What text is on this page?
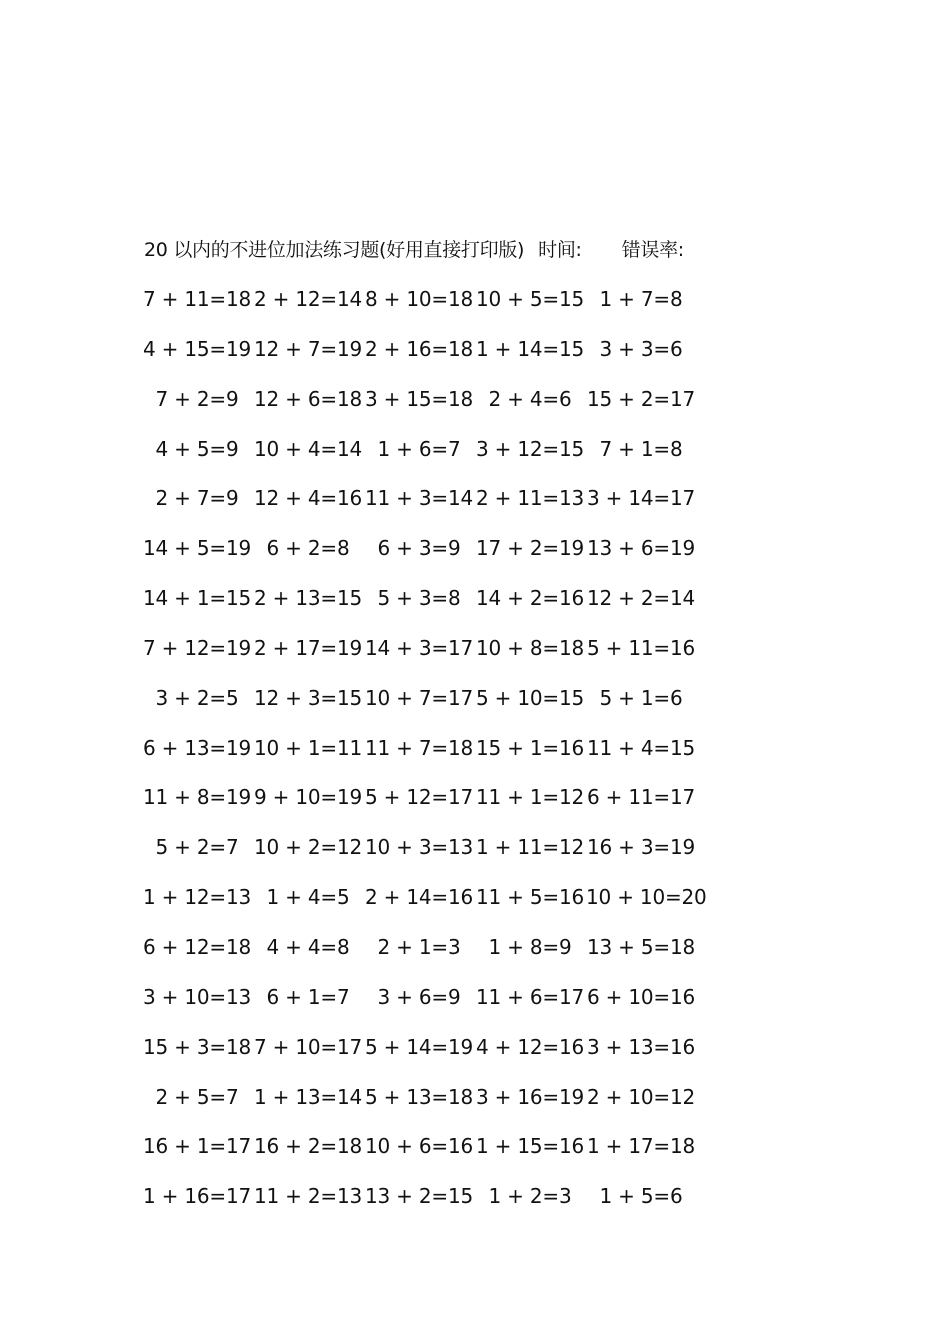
20 以内的不进位加法练习题(好用直接打印版) 时间: 错误率:
7 + 11=18 2 + 12=14 8 + 10=18 10 + 5=15 1 + 7=8
4 + 15=19 12 + 7=19 2 + 16=18 1 + 14=15 3 + 3=6
7 + 2=9 12 + 6=18 3 + 15=18 2 + 4=6 15 + 2=17
4 + 5=9 10 + 4=14 1 + 6=7 3 + 12=15 7 + 1=8
2 + 7=9 12 + 4=16 11 + 3=14 2 + 11=13 3 + 14=17
14 + 5=19 6 + 2=8	6 + 3=9 17 + 2=19 13 + 6=19
14 + 1=15 2 + 13=15 5 + 3=8 14 + 2=16 12 + 2=14
7 + 12=19 2 + 17=19 14 + 3=17 10 + 8=18 5 + 11=16
3 + 2=5 12 + 3=15 10 + 7=17 5 + 10=15 5 + 1=6
6 + 13=19 10 + 1=11 11 + 7=18 15 + 1=16 11 + 4=15
11 + 8=19 9 + 10=19 5 + 12=17 11 + 1=12 6 + 11=17
5 + 2=7 10 + 2=12 10 + 3=13 1 + 11=12 16 + 3=19
1 + 12=13 1 + 4=5 2 + 14=16 11 + 5=16 10 + 10=20
6 + 12=18 4 + 4=8	2 + 1=3	1 + 8=9 13 + 5=18
3 + 10=13 6 + 1=7	3 + 6=9 11 + 6=17 6 + 10=16
15 + 3=18 7 + 10=17 5 + 14=19 4 + 12=16 3 + 13=16
2 + 5=7 1 + 13=14 5 + 13=18 3 + 16=19 2 + 10=12
16 + 1=17 16 + 2=18 10 + 6=16 1 + 15=16 1 + 17=18
1 + 16=17 11 + 2=13 13 + 2=15 1 + 2=3	1 + 5=6
